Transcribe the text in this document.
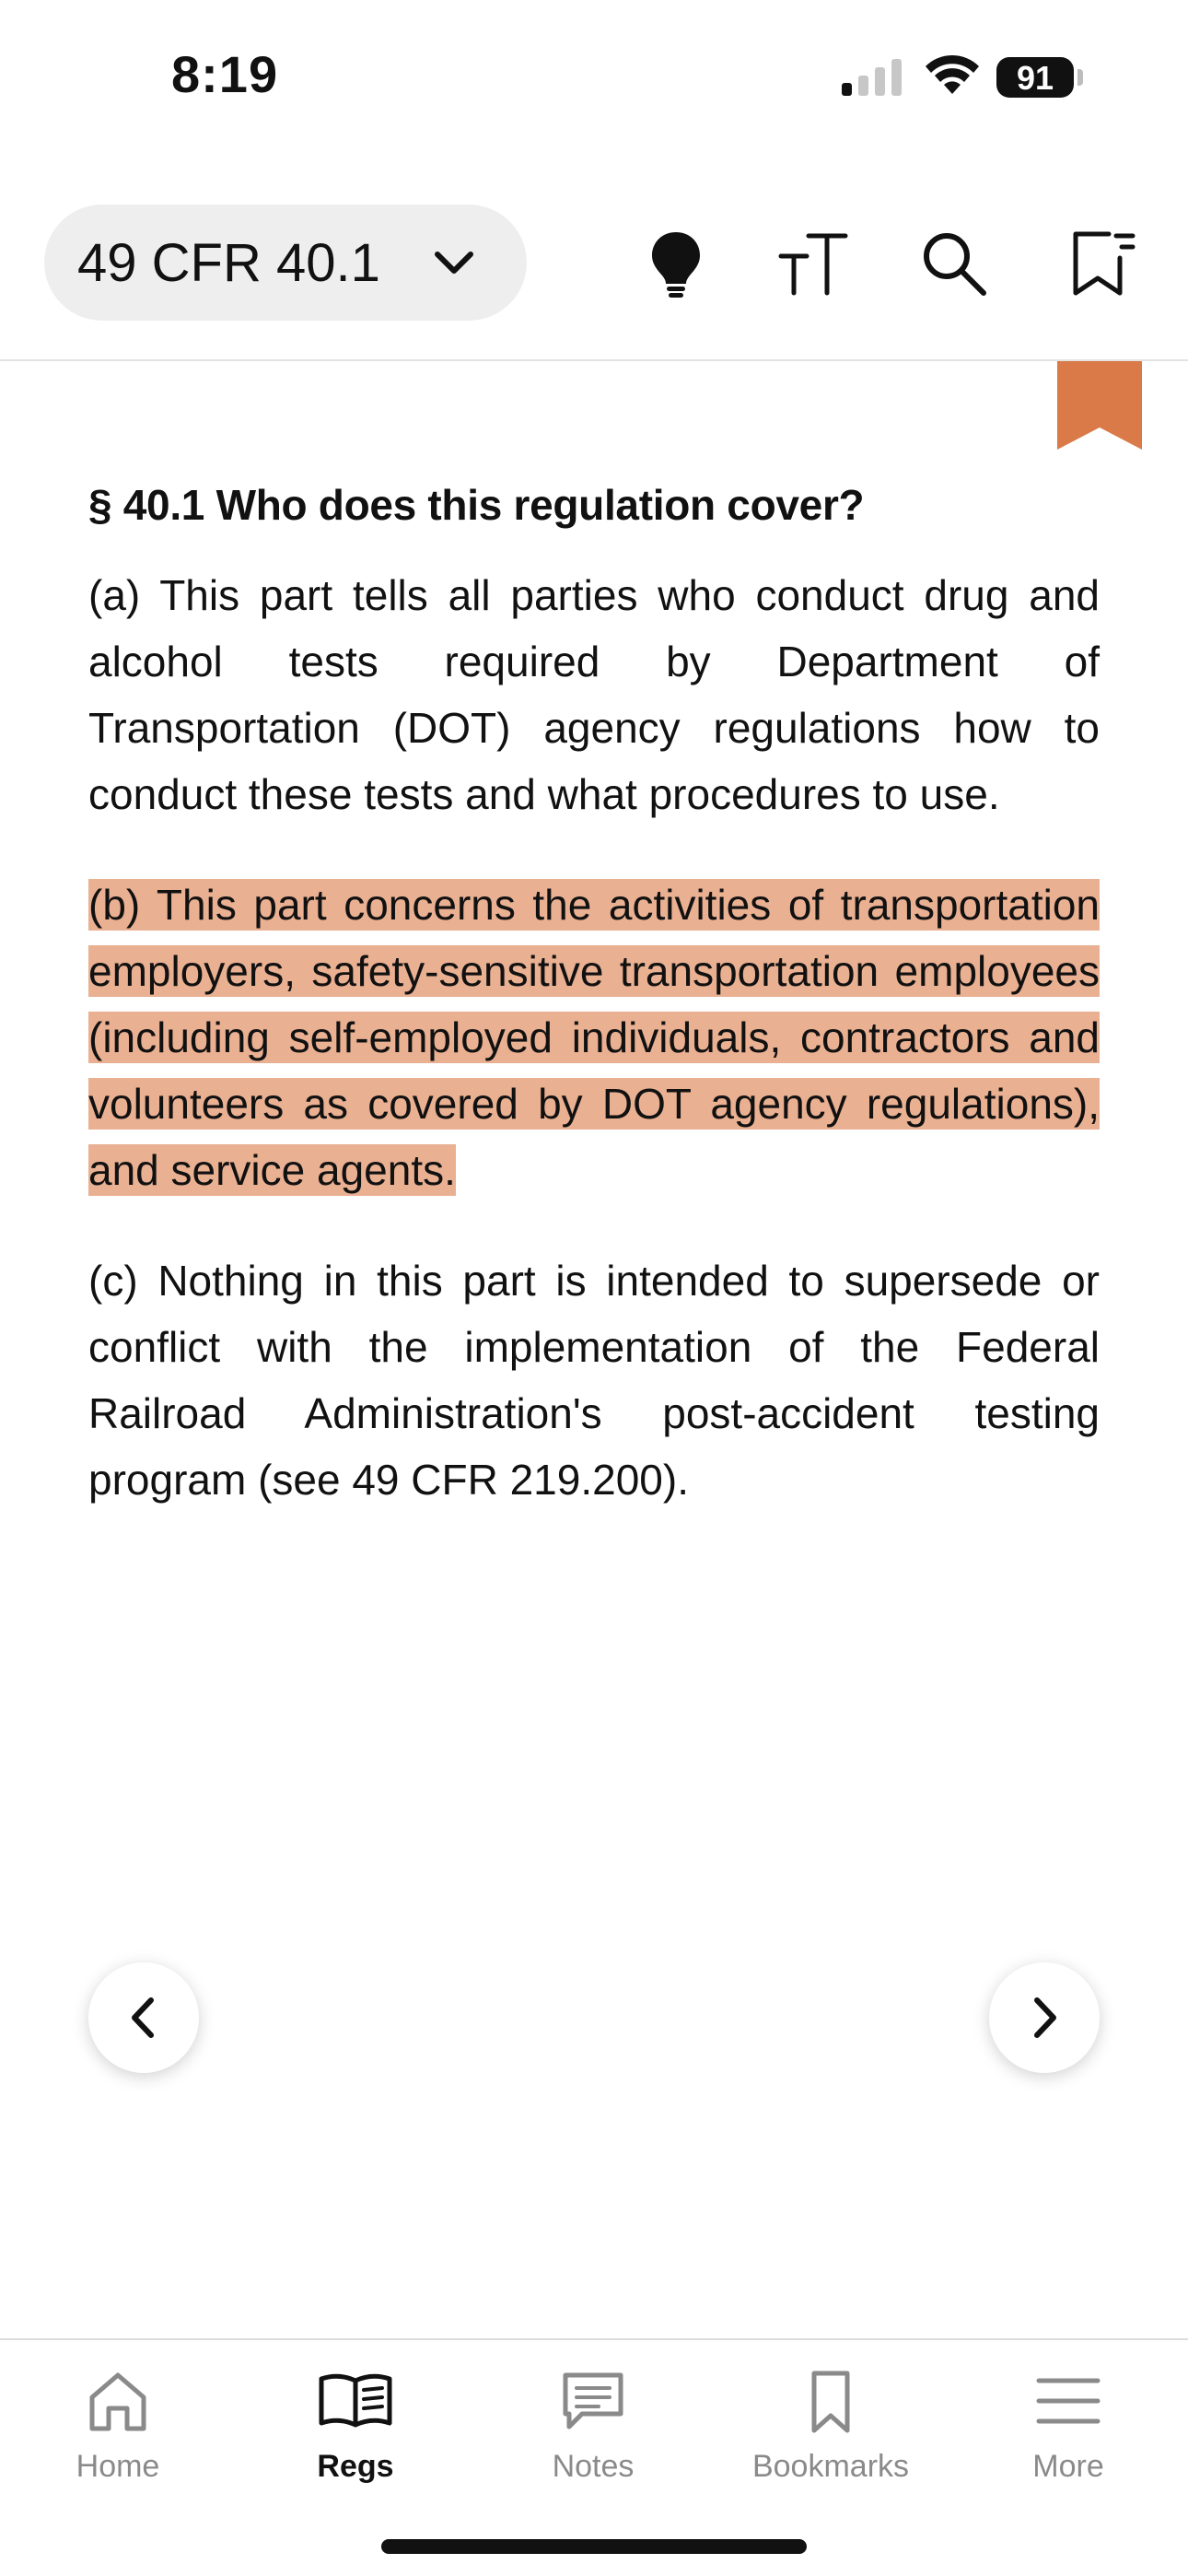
8:19	91
49 CFR 40.1
§ 40.1 Who does this regulation cover?

(a) This part tells all parties who conduct drug and alcohol tests required by Department of Transportation (DOT) agency regulations how to conduct these tests and what procedures to use.

(b) This part concerns the activities of transportation employers, safety-sensitive transportation employees (including self-employed individuals, contractors and volunteers as covered by DOT agency regulations), and service agents.

(c) Nothing in this part is intended to supersede or conflict with the implementation of the Federal Railroad Administration's post-accident testing program (see 49 CFR 219.200).

Home	Regs	Notes	Bookmarks	More
